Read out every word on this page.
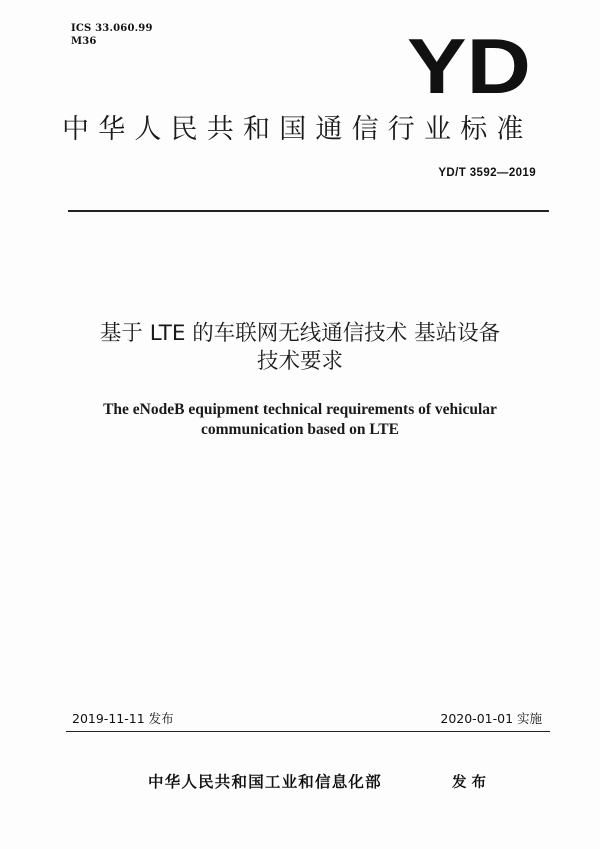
ICS 33.060.99
M36	YD
中华人民共和国通信行业标准
YD/T 3592—2019
基于 LTE 的车联网无线通信技术 基站设备
技术要求
The eNodeB equipment technical requirements of vehicular
communication based on LTE
2019-11-11 发布	2020-01-01 实施
中华人民共和国工业和信息化部	发布
